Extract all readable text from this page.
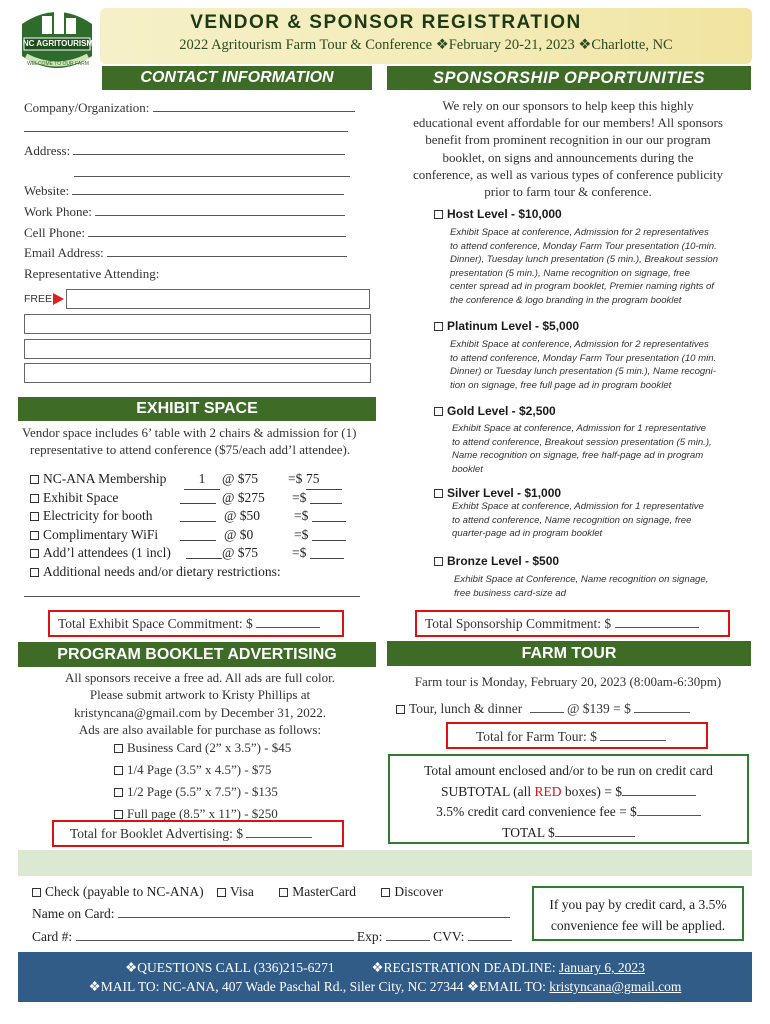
NC AGRITOURISM
WELCOME TO OUR FARM
VENDOR & SPONSOR REGISTRATION
2022 Agritourism Farm Tour & Conference ❖February 20-21, 2023 ❖Charlotte, NC
CONTACT INFORMATION
Company/Organization:
Address:
Website:
Work Phone:
Cell Phone:
Email Address:
Representative Attending:
FREE
SPONSORSHIP OPPORTUNITIES
We rely on our sponsors to help keep this highly
educational event affordable for our members! All sponsors
benefit from prominent recognition in our our program
booklet, on signs and announcements during the
conference, as well as various types of conference publicity
prior to farm tour & conference.
Host Level - $10,000
Exhibit Space at conference, Admission for 2 representatives
to attend conference, Monday Farm Tour presentation (10-min.
Dinner), Tuesday lunch presentation (5 min.), Breakout session
presentation (5 min.), Name recognition on signage, free
center spread ad in program booklet, Premier naming rights of
the conference & logo branding in the program booklet
Platinum Level - $5,000
Exhibit Space at conference, Admission for 2 representatives
to attend conference, Monday Farm Tour presentation (10 min.
Dinner) or Tuesday lunch presentation (5 min.), Name recogni-
tion on signage, free full page ad in program booklet
Gold Level - $2,500
Exhibit Space at conference, Admission for 1 representative
to attend conference, Breakout session presentation (5 min.),
Name recognition on signage, free half-page ad in program
booklet
Silver Level - $1,000
Exhibt Space at conference, Admission for 1 representative
to attend conference, Name recognition on signage, free
quarter-page ad in program booklet
Bronze Level - $500
Exhibit Space at Conference, Name recognition on signage,
free business card-size ad
Total Sponsorship Commitment: $
EXHIBIT SPACE
Vendor space includes 6’ table with 2 chairs & admission for (1)
representative to attend conference ($75/each add’l attendee).
NC-ANA Membership	1	@ $75 =$ 75
Exhibit Space	@ $275 =$
Electricity for booth	@ $50	=$
Complimentary WiFi	@ $0	=$
Add’l attendees (1 incl)	@ $75	=$
Additional needs and/or dietary restrictions:
Total Exhibit Space Commitment: $
PROGRAM BOOKLET ADVERTISING
All sponsors receive a free ad. All ads are full color.
Please submit artwork to Kristy Phillips at
kristyncana@gmail.com by December 31, 2022.
Ads are also available for purchase as follows:
Business Card (2” x 3.5”) - $45
1/4 Page (3.5” x 4.5”) - $75
1/2 Page (5.5” x 7.5”) - $135
Full page (8.5” x 11”) - $250
Total for Booklet Advertising: $
FARM TOUR
Farm tour is Monday, February 20, 2023 (8:00am-6:30pm)
Tour, lunch & dinner	@ $139 = $
Total for Farm Tour: $
Total amount enclosed and/or to be run on credit card
SUBTOTAL (all RED boxes) = $
3.5% credit card convenience fee = $
TOTAL $
Check (payable to NC-ANA) Visa	MasterCard	Discover
Name on Card:
Card #:	Exp:	CVV:
If you pay by credit card, a 3.5%
convenience fee will be applied.
❖QUESTIONS CALL (336)215-6271	❖REGISTRATION DEADLINE: January 6, 2023
❖MAIL TO: NC-ANA, 407 Wade Paschal Rd., Siler City, NC 27344 ❖EMAIL TO: kristyncana@gmail.com
